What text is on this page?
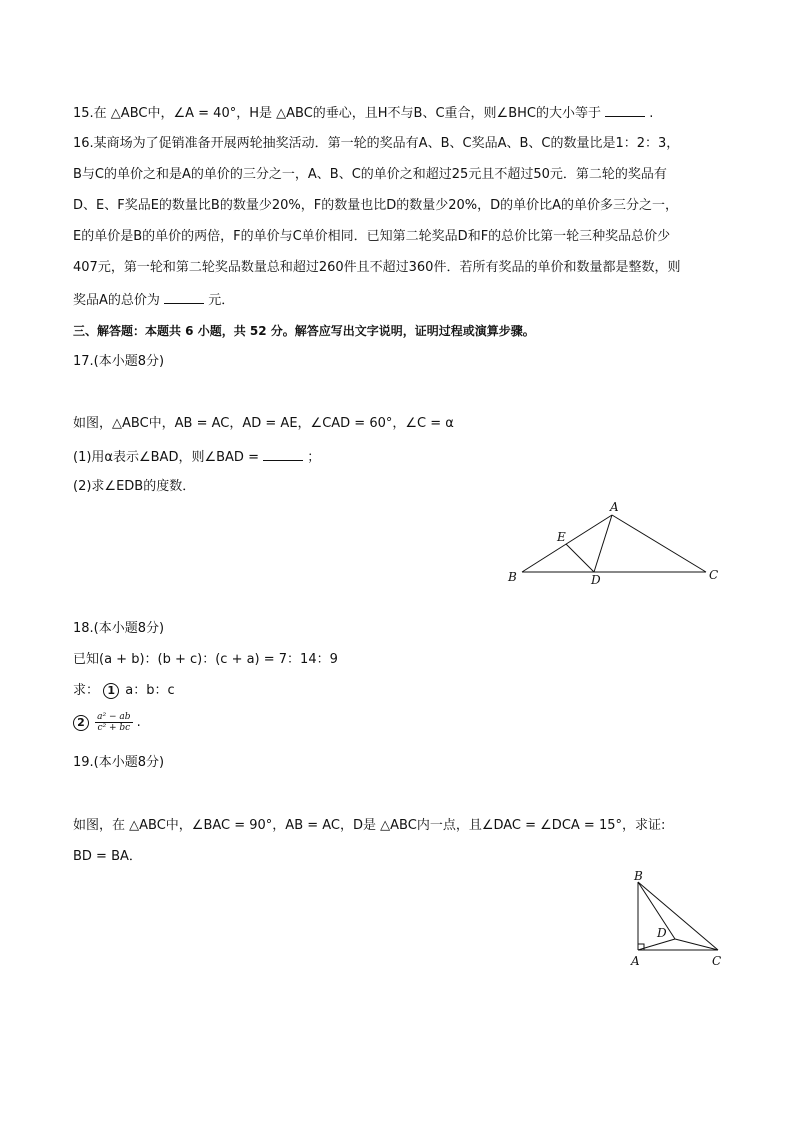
15.在 △ABC中，∠A = 40°，H是 △ABC的垂心，且H不与B、C重合，则∠BHC的大小等于	.
16.某商场为了促销准备开展两轮抽奖活动．第一轮的奖品有A、B、C奖品A、B、C的数量比是1：2：3，
B与C的单价之和是A的单价的三分之一，A、B、C的单价之和超过25元且不超过50元．第二轮的奖品有
D、E、F奖品E的数量比B的数量少20%，F的数量也比D的数量少20%，D的单价比A的单价多三分之一，
E的单价是B的单价的两倍，F的单价与C单价相同．已知第二轮奖品D和F的总价比第一轮三种奖品总价少
407元，第一轮和第二轮奖品数量总和超过260件且不超过360件．若所有奖品的单价和数量都是整数，则
奖品A的总价为	元．
三、解答题：本题共 6 小题，共 52 分。解答应写出文字说明，证明过程或演算步骤。
17.(本小题8分)
如图，△ABC中，AB = AC，AD = AE，∠CAD = 60°，∠C = α
(1)用α表示∠BAD，则∠BAD =	；
(2)求∠EDB的度数．
A
B	C
D
E
18.(本小题8分)
已知(a + b)：(b + c)：(c + a) = 7：14：9
求： 1 a：b：c
$2 \frac{\text{a² − ab}}{\text{c² + bc}}$ .
19.(本小题8分)
如图，在 △ABC中，∠BAC = 90°，AB = AC，D是 △ABC内一点，且∠DAC = ∠DCA = 15°，求证:
BD = BA．
B
A	C
D
